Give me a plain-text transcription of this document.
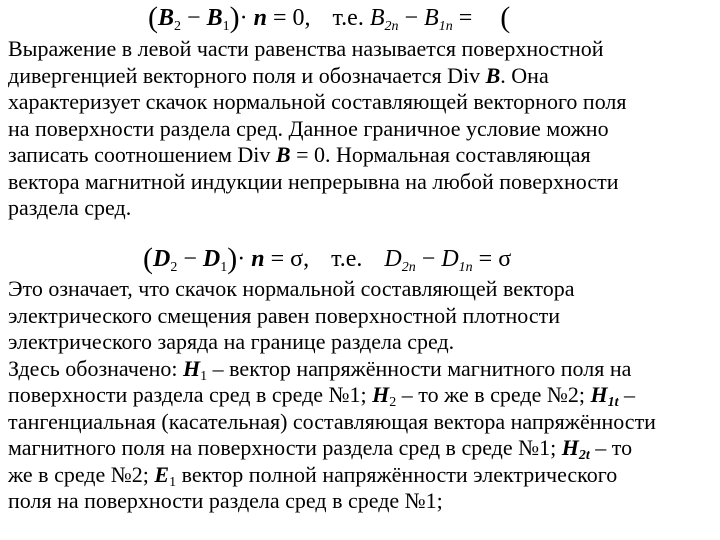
$(B_2 - B_1)\cdot n = 0$, т.е. $B_{2n} - B_{1n}$ = (
Выражение в левой части равенства называется поверхностной
дивергенцией векторного поля и обозначается Div B. Она
характеризует скачок нормальной составляющей векторного поля
на поверхности раздела сред. Данное граничное условие можно
записать соотношением Div B = 0. Нормальная составляющая
вектора магнитной индукции непрерывна на любой поверхности
раздела сред.
$(D_2 - D_1)\cdot n = \sigma$, т.е. $D_{2n} - D_{1n} = \sigma$
Это означает, что скачок нормальной составляющей вектора
электрического смещения равен поверхностной плотности
электрического заряда на границе раздела сред.
Здесь обозначено: $H_1$ – вектор напряжённости магнитного поля на
поверхности раздела сред в среде №1; $H_2$ – то же в среде №2; $H_{1t}$ –
тангенциальная (касательная) составляющая вектора напряжённости
магнитного поля на поверхности раздела сред в среде №1; $H_{2t}$ – то
же в среде №2; $E_1$ вектор полной напряжённости электрического
поля на поверхности раздела сред в среде №1;
